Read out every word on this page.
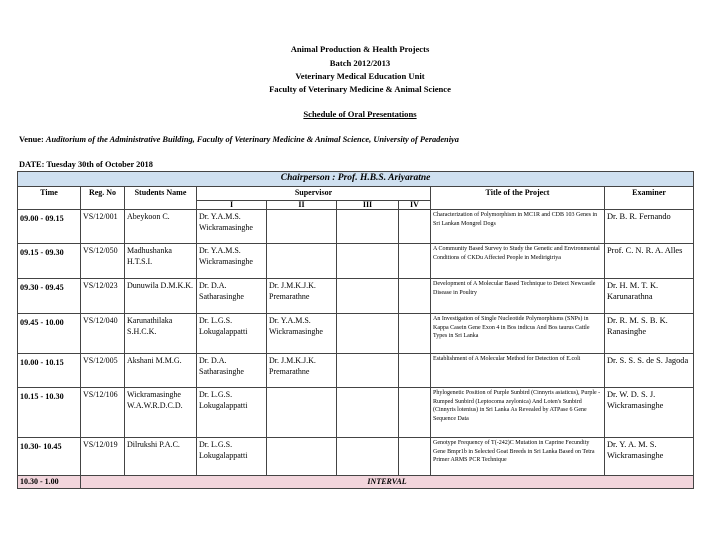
Animal Production & Health Projects
Batch 2012/2013
Veterinary Medical Education Unit
Faculty of Veterinary Medicine & Animal Science
Schedule of Oral Presentations
Venue: Auditorium of the Administrative Building, Faculty of Veterinary Medicine & Animal Science, University of Peradeniya
DATE: Tuesday 30th of October 2018
Chairperson : Prof. H.B.S. Ariyaratne								
Time	Reg. No	Students Name	Supervisor				Title of the Project	Examiner
			I	II	III	IV		
09.00 - 09.15	VS/12/001	Abeykoon C.	Dr. Y.A.M.S. Wickramasinghe				Characterization of Polymorphism in MC1R and CDB 103 Genes in Sri Lankan Mongrel Dogs	Dr. B. R. Fernando
09.15 - 09.30	VS/12/050	Madhushanka H.T.S.I.	Dr. Y.A.M.S. Wickramasinghe				A Community Based Survey to Study the Genetic and Environmental Conditions of CKDu Affected People in Medirigiriya	Prof. C. N. R. A. Alles
09.30 - 09.45	VS/12/023	Dunuwila D.M.K.K.	Dr. D.A. Satharasinghe	Dr. J.M.K.J.K. Premarathne			Development of A Molecular Based Technique to Detect Newcastle Disease in Poultry	Dr. H. M. T. K. Karunarathna
09.45 - 10.00	VS/12/040	Karunathilaka S.H.C.K.	Dr. L.G.S. Lokugalappatti	Dr. Y.A.M.S. Wickramasinghe			An Investigation of Single Nucleotide Polymorphisms (SNPs) in Kappa Casein Gene Exon 4 in Bos indicus And Bos taurus Cattle Types in Sri Lanka	Dr. R. M. S. B. K. Ranasinghe
10.00 - 10.15	VS/12/005	Akshani M.M.G.	Dr. D.A. Satharasinghe	Dr. J.M.K.J.K. Premarathne			Establishment of A Molecular Method for Detection of E.coli	Dr. S. S. S. de S. Jagoda
10.15 - 10.30	VS/12/106	Wickramasinghe W.A.W.R.D.C.D.	Dr. L.G.S. Lokugalappatti				Phylogenetic Position of Purple Sunbird (Cinnyris asiaticus), Purple - Rumped Sunbird (Leptocoma zeylonica) And Loten's Sunbird (Cinnyris lotenius) in Sri Lanka As Revealed by ATPase 6 Gene Sequence Data	Dr. W. D. S. J. Wickramasinghe
10.30- 10.45	VS/12/019	Dilrukshi P.A.C.	Dr. L.G.S. Lokugalappatti				Genotype Frequency of T(-242)C Mutation in Caprine Fecundity Gene Bmpr1b in Selected Goat Breeds in Sri Lanka Based on Tetra Primer ARMS PCR Technique	Dr. Y. A. M. S. Wickramasinghe
10.30 - 1.00	INTERVAL							
